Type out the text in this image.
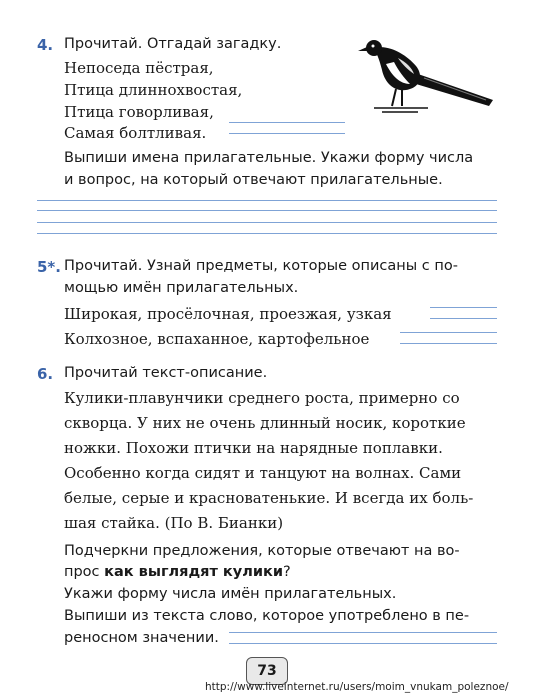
4. Прочитай. Отгадай загадку.
Непоседа пёстрая,
Птица длиннохвостая,
Птица говорливая,
Самая болтливая.
Выпиши имена прилагательные. Укажи форму числа
и вопрос, на который отвечают прилагательные.
5*. Прочитай. Узнай предметы, которые описаны с по-
мощью имён прилагательных.
Широкая, просёлочная, проезжая, узкая
Колхозное, вспаханное, картофельное
6. Прочитай текст-описание.
Кулики-плавунчики среднего роста, примерно со
скворца. У них не очень длинный носик, короткие
ножки. Похожи птички на нарядные поплавки.
Особенно когда сидят и танцуют на волнах. Сами
белые, серые и красноватенькие. И всегда их боль-
шая стайка. (По В. Бианки)
Подчеркни предложения, которые отвечают на во-
прос как выглядят кулики?
Укажи форму числа имён прилагательных.
Выпиши из текста слово, которое употреблено в пе-
реносном значении.
73
http://www.liveinternet.ru/users/moim_vnukam_poleznoe/
